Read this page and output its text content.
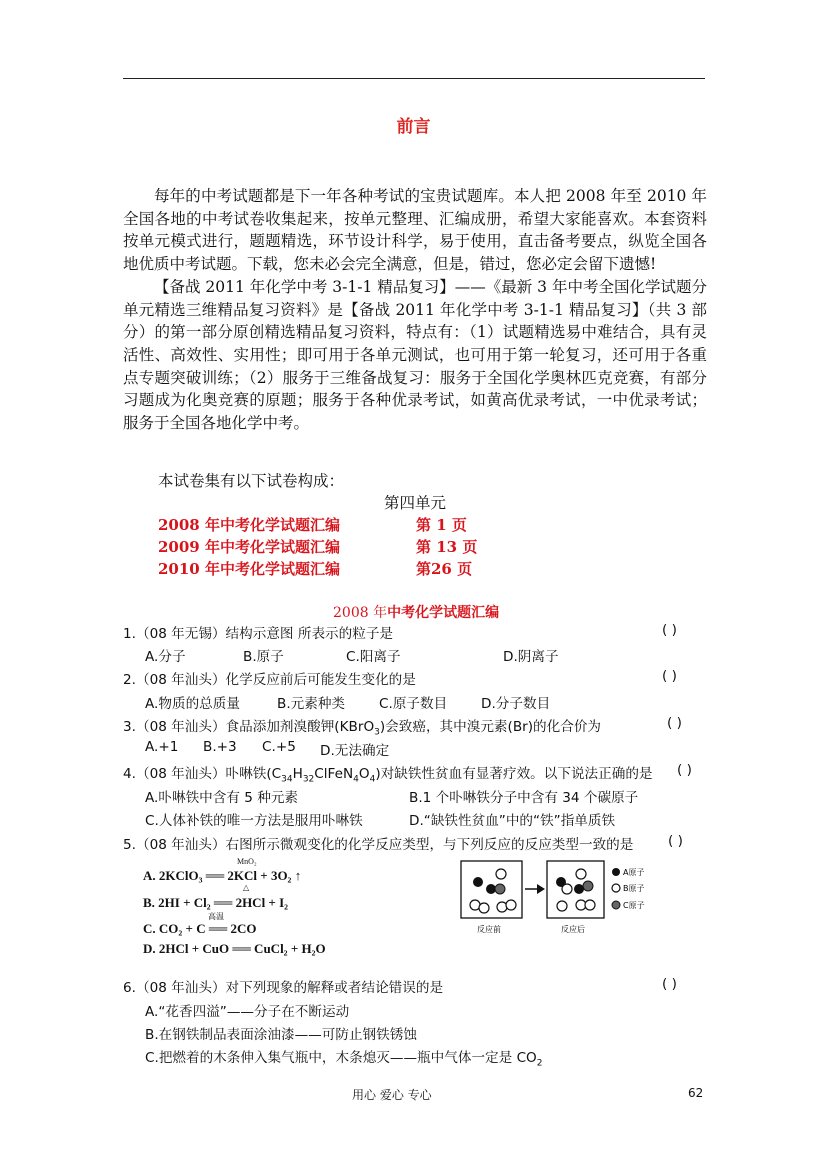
前言

每年的中考试题都是下一年各种考试的宝贵试题库。本人把 2008 年至 2010 年全国各地的中考试卷收集起来，按单元整理、汇编成册，希望大家能喜欢。本套资料按单元模式进行，题题精选，环节设计科学，易于使用，直击备考要点，纵览全国各地优质中考试题。下载，您未必会完全满意，但是，错过，您必定会留下遗憾!

【备战 2011 年化学中考 3-1-1 精品复习】——《最新 3 年中考全国化学试题分单元精选三维精品复习资料》是【备战 2011 年化学中考 3-1-1 精品复习】（共 3 部分）的第一部分原创精选精品复习资料，特点有：（1）试题精选易中难结合，具有灵活性、高效性、实用性；即可用于各单元测试，也可用于第一轮复习，还可用于各重点专题突破训练；（2）服务于三维备战复习：服务于全国化学奥林匹克竞赛，有部分习题成为化奥竞赛的原题；服务于各种优录考试，如黄高优录考试，一中优录考试；服务于全国各地化学中考。

本试卷集有以下试卷构成：
第四单元
2008 年中考化学试题汇编	第 1 页
2009 年中考化学试题汇编	第 13 页
2010 年中考化学试题汇编	第26 页
2008 年中考化学试题汇编
1.（08 年无锡）结构示意图 所表示的粒子是	( )
A.分子	B.原子	C.阳离子	D.阴离子
2.（08 年汕头）化学反应前后可能发生变化的是	( )
A.物质的总质量	B.元素种类 C.原子数目 D.分子数目
3.（08 年汕头）食品添加剂溴酸钾(KBrO$_3$)会致癌，其中溴元素(Br)的化合价为	( )
A.+1 B.+3 C.+5 D.无法确定
4.（08 年汕头）卟啉铁$(C_{34}H_{32}ClFeN_4O_4)$对缺铁性贫血有显著疗效。以下说法正确的是 ( )
A.卟啉铁中含有 5 种元素	B.1 个卟啉铁分子中含有 34 个碳原子
C.人体补铁的唯一方法是服用卟啉铁	D.“缺铁性贫血”中的“铁”指单质铁
5.（08 年汕头）右图所示微观变化的化学反应类型，与下列反应的反应类型一致的是	( )
A. 2KClO₃ ══ 2KCl + 3O₂ ↑
MnO₂
△
B. 2HI + Cl₂ ══ 2HCl + I₂
C. CO₂ + C ══ 2CO
高温
D. 2HCl + CuO ══ CuCl₂ + H₂O
A原子
B原子
C原子
反应前	反应后
6.（08 年汕头）对下列现象的解释或者结论错误的是	( )
A.“花香四溢”——分子在不断运动
B.在钢铁制品表面涂油漆——可防止钢铁锈蚀
C.把燃着的木条伸入集气瓶中，木条熄灭——瓶中气体一定是 $CO_2$
用心 爱心 专心	62
